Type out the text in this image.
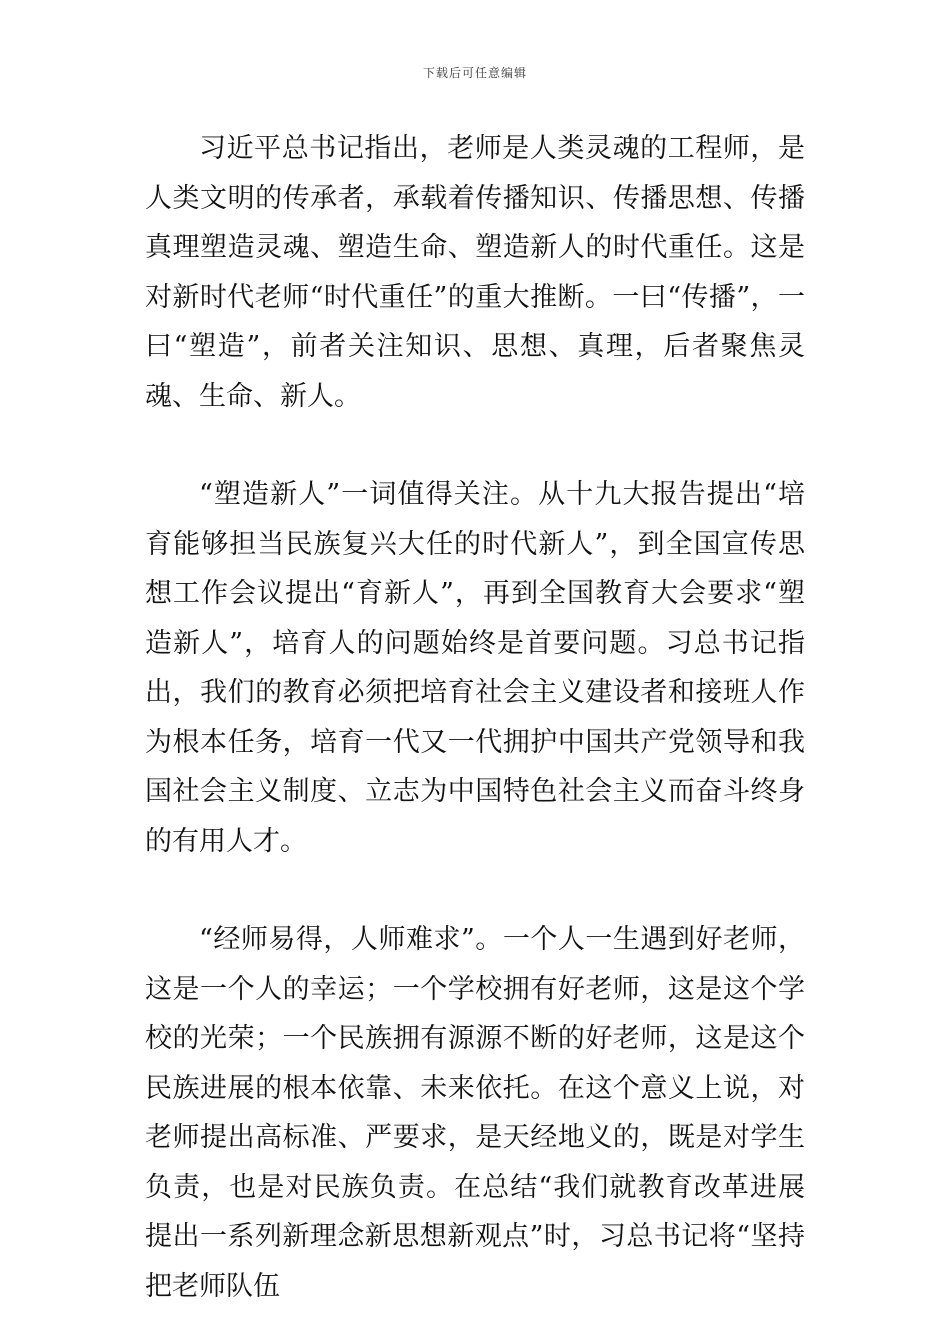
下载后可任意编辑

习近平总书记指出，老师是人类灵魂的工程师，是人类文明的传承者，承载着传播知识、传播思想、传播真理塑造灵魂、塑造生命、塑造新人的时代重任。这是对新时代老师“时代重任”的重大推断。一曰“传播”，一曰“塑造”，前者关注知识、思想、真理，后者聚焦灵魂、生命、新人。

“塑造新人”一词值得关注。从十九大报告提出“培育能够担当民族复兴大任的时代新人”，到全国宣传思想工作会议提出“育新人”，再到全国教育大会要求“塑造新人”，培育人的问题始终是首要问题。习总书记指出，我们的教育必须把培育社会主义建设者和接班人作为根本任务，培育一代又一代拥护中国共产党领导和我国社会主义制度、立志为中国特色社会主义而奋斗终身的有用人才。

“经师易得，人师难求”。一个人一生遇到好老师，这是一个人的幸运；一个学校拥有好老师，这是这个学校的光荣；一个民族拥有源源不断的好老师，这是这个民族进展的根本依靠、未来依托。在这个意义上说，对老师提出高标准、严要求，是天经地义的，既是对学生负责，也是对民族负责。在总结“我们就教育改革进展提出一系列新理念新思想新观点”时，习总书记将“坚持把老师队伍
